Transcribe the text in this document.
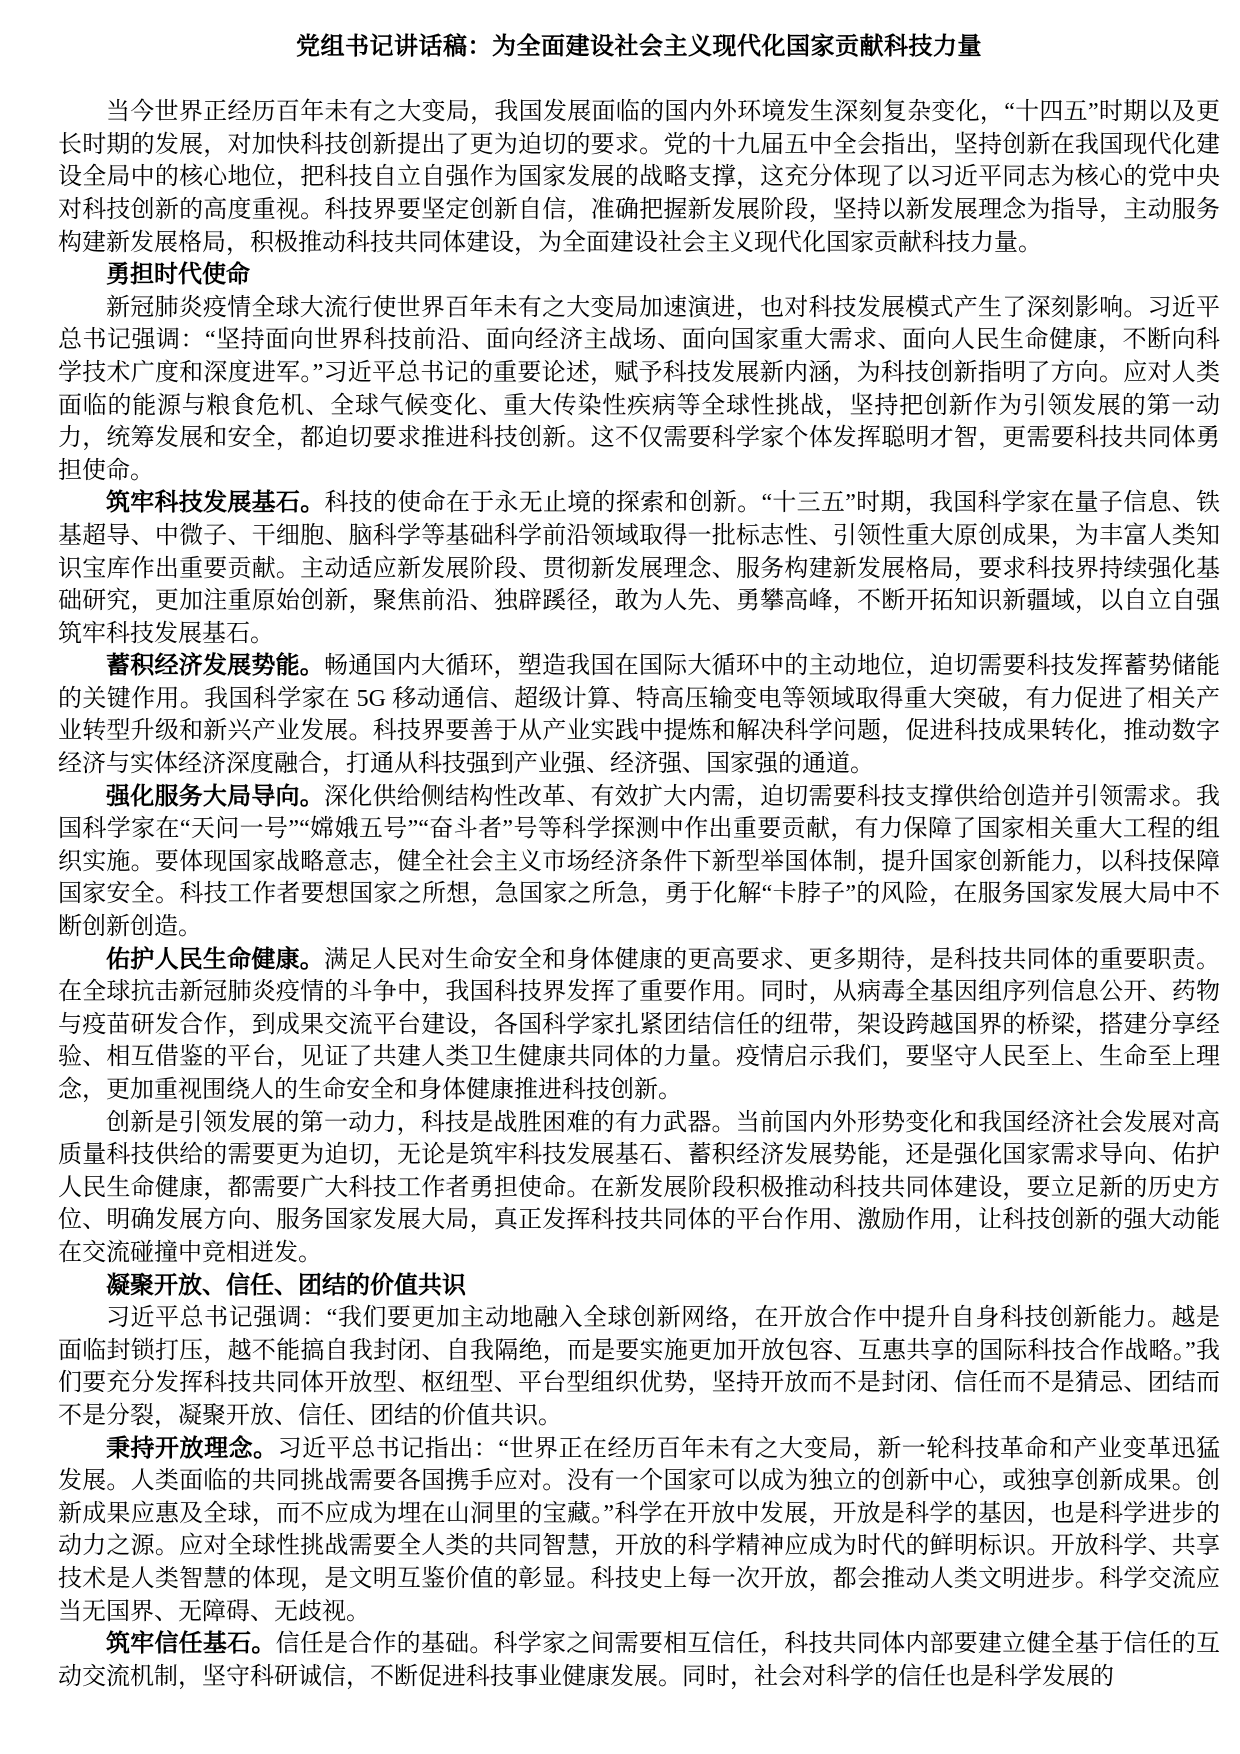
党组书记讲话稿：为全面建设社会主义现代化国家贡献科技力量

当今世界正经历百年未有之大变局，我国发展面临的国内外环境发生深刻复杂变化，“十四五”时期以及更长时期的发展，对加快科技创新提出了更为迫切的要求。党的十九届五中全会指出，坚持创新在我国现代化建设全局中的核心地位，把科技自立自强作为国家发展的战略支撑，这充分体现了以习近平同志为核心的党中央对科技创新的高度重视。科技界要坚定创新自信，准确把握新发展阶段，坚持以新发展理念为指导，主动服务构建新发展格局，积极推动科技共同体建设，为全面建设社会主义现代化国家贡献科技力量。

勇担时代使命

新冠肺炎疫情全球大流行使世界百年未有之大变局加速演进，也对科技发展模式产生了深刻影响。习近平总书记强调：“坚持面向世界科技前沿、面向经济主战场、面向国家重大需求、面向人民生命健康，不断向科学技术广度和深度进军。”习近平总书记的重要论述，赋予科技发展新内涵，为科技创新指明了方向。应对人类面临的能源与粮食危机、全球气候变化、重大传染性疾病等全球性挑战，坚持把创新作为引领发展的第一动力，统筹发展和安全，都迫切要求推进科技创新。这不仅需要科学家个体发挥聪明才智，更需要科技共同体勇担使命。

筑牢科技发展基石。科技的使命在于永无止境的探索和创新。“十三五”时期，我国科学家在量子信息、铁基超导、中微子、干细胞、脑科学等基础科学前沿领域取得一批标志性、引领性重大原创成果，为丰富人类知识宝库作出重要贡献。主动适应新发展阶段、贯彻新发展理念、服务构建新发展格局，要求科技界持续强化基础研究，更加注重原始创新，聚焦前沿、独辟蹊径，敢为人先、勇攀高峰，不断开拓知识新疆域，以自立自强筑牢科技发展基石。

蓄积经济发展势能。畅通国内大循环，塑造我国在国际大循环中的主动地位，迫切需要科技发挥蓄势储能的关键作用。我国科学家在 5G 移动通信、超级计算、特高压输变电等领域取得重大突破，有力促进了相关产业转型升级和新兴产业发展。科技界要善于从产业实践中提炼和解决科学问题，促进科技成果转化，推动数字经济与实体经济深度融合，打通从科技强到产业强、经济强、国家强的通道。

强化服务大局导向。深化供给侧结构性改革、有效扩大内需，迫切需要科技支撑供给创造并引领需求。我国科学家在“天问一号”“嫦娥五号”“奋斗者”号等科学探测中作出重要贡献，有力保障了国家相关重大工程的组织实施。要体现国家战略意志，健全社会主义市场经济条件下新型举国体制，提升国家创新能力，以科技保障国家安全。科技工作者要想国家之所想，急国家之所急，勇于化解“卡脖子”的风险，在服务国家发展大局中不断创新创造。

佑护人民生命健康。满足人民对生命安全和身体健康的更高要求、更多期待，是科技共同体的重要职责。在全球抗击新冠肺炎疫情的斗争中，我国科技界发挥了重要作用。同时，从病毒全基因组序列信息公开、药物与疫苗研发合作，到成果交流平台建设，各国科学家扎紧团结信任的纽带，架设跨越国界的桥梁，搭建分享经验、相互借鉴的平台，见证了共建人类卫生健康共同体的力量。疫情启示我们，要坚守人民至上、生命至上理念，更加重视围绕人的生命安全和身体健康推进科技创新。

创新是引领发展的第一动力，科技是战胜困难的有力武器。当前国内外形势变化和我国经济社会发展对高质量科技供给的需要更为迫切，无论是筑牢科技发展基石、蓄积经济发展势能，还是强化国家需求导向、佑护人民生命健康，都需要广大科技工作者勇担使命。在新发展阶段积极推动科技共同体建设，要立足新的历史方位、明确发展方向、服务国家发展大局，真正发挥科技共同体的平台作用、激励作用，让科技创新的强大动能在交流碰撞中竞相迸发。

凝聚开放、信任、团结的价值共识

习近平总书记强调：“我们要更加主动地融入全球创新网络，在开放合作中提升自身科技创新能力。越是面临封锁打压，越不能搞自我封闭、自我隔绝，而是要实施更加开放包容、互惠共享的国际科技合作战略。”我们要充分发挥科技共同体开放型、枢纽型、平台型组织优势，坚持开放而不是封闭、信任而不是猜忌、团结而不是分裂，凝聚开放、信任、团结的价值共识。

秉持开放理念。习近平总书记指出：“世界正在经历百年未有之大变局，新一轮科技革命和产业变革迅猛发展。人类面临的共同挑战需要各国携手应对。没有一个国家可以成为独立的创新中心，或独享创新成果。创新成果应惠及全球，而不应成为埋在山洞里的宝藏。”科学在开放中发展，开放是科学的基因，也是科学进步的动力之源。应对全球性挑战需要全人类的共同智慧，开放的科学精神应成为时代的鲜明标识。开放科学、共享技术是人类智慧的体现，是文明互鉴价值的彰显。科技史上每一次开放，都会推动人类文明进步。科学交流应当无国界、无障碍、无歧视。

筑牢信任基石。信任是合作的基础。科学家之间需要相互信任，科技共同体内部要建立健全基于信任的互动交流机制，坚守科研诚信，不断促进科技事业健康发展。同时，社会对科学的信任也是科学发展的
